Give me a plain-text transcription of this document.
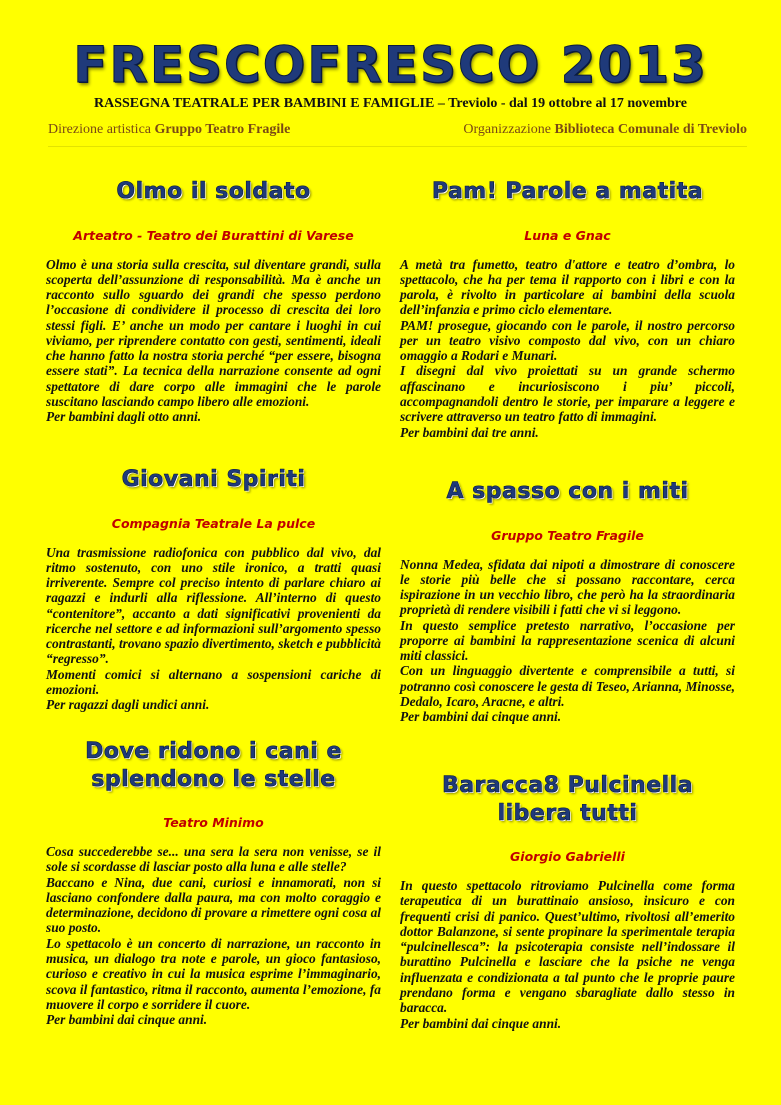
FRESCOFRESCO 2013
RASSEGNA TEATRALE PER BAMBINI E FAMIGLIE – Treviolo - dal 19 ottobre al 17 novembre
Direzione artistica Gruppo Teatro Fragile	Organizzazione Biblioteca Comunale di Treviolo
Olmo il soldato
Arteatro - Teatro dei Burattini di Varese

Olmo è una storia sulla crescita, sul diventare grandi, sulla scoperta dell’assunzione di responsabilità. Ma è anche un racconto sullo sguardo dei grandi che spesso perdono l’occasione di condividere il processo di crescita dei loro stessi figli. E’ anche un modo per cantare i luoghi in cui viviamo, per riprendere contatto con gesti, sentimenti, ideali che hanno fatto la nostra storia perché “per essere, bisogna essere stati”. La tecnica della narrazione consente ad ogni spettatore di dare corpo alle immagini che le parole suscitano lasciando campo libero alle emozioni.

Per bambini dagli otto anni.

Giovani Spiriti
Compagnia Teatrale La pulce

Una trasmissione radiofonica con pubblico dal vivo, dal ritmo sostenuto, con uno stile ironico, a tratti quasi irriverente. Sempre col preciso intento di parlare chiaro ai ragazzi e indurli alla riflessione. All’interno di questo “contenitore”, accanto a dati significativi provenienti da ricerche nel settore e ad informazioni sull’argomento spesso contrastanti, trovano spazio divertimento, sketch e pubblicità “regresso”.

Momenti comici si alternano a sospensioni cariche di emozioni.

Per ragazzi dagli undici anni.

Dove ridono i cani e splendono le stelle
Teatro Minimo

Cosa succederebbe se... una sera la sera non venisse, se il sole si scordasse di lasciar posto alla luna e alle stelle?

Baccano e Nina, due cani, curiosi e innamorati, non si lasciano confondere dalla paura, ma con molto coraggio e determinazione, decidono di provare a rimettere ogni cosa al suo posto.

Lo spettacolo è un concerto di narrazione, un racconto in musica, un dialogo tra note e parole, un gioco fantasioso, curioso e creativo in cui la musica esprime l’immaginario, scova il fantastico, ritma il racconto, aumenta l’emozione, fa muovere il corpo e sorridere il cuore.

Per bambini dai cinque anni.

Pam! Parole a matita
Luna e Gnac

A metà tra fumetto, teatro d'attore e teatro d’ombra, lo spettacolo, che ha per tema il rapporto con i libri e con la parola, è rivolto in particolare ai bambini della scuola dell’infanzia e primo ciclo elementare.

PAM! prosegue, giocando con le parole, il nostro percorso per un teatro visivo composto dal vivo, con un chiaro omaggio a Rodari e Munari.

I disegni dal vivo proiettati su un grande schermo affascinano e incuriosiscono i piu’ piccoli, accompagnandoli dentro le storie, per imparare a leggere e scrivere attraverso un teatro fatto di immagini.

Per bambini dai tre anni.

A spasso con i miti
Gruppo Teatro Fragile

Nonna Medea, sfidata dai nipoti a dimostrare di conoscere le storie più belle che si possano raccontare, cerca ispirazione in un vecchio libro, che però ha la straordinaria proprietà di rendere visibili i fatti che vi si leggono.

In questo semplice pretesto narrativo, l’occasione per proporre ai bambini la rappresentazione scenica di alcuni miti classici.

Con un linguaggio divertente e comprensibile a tutti, si potranno così conoscere le gesta di Teseo, Arianna, Minosse, Dedalo, Icaro, Aracne, e altri.

Per bambini dai cinque anni.

Baracca8 Pulcinella libera tutti
Giorgio Gabrielli

In questo spettacolo ritroviamo Pulcinella come forma terapeutica di un burattinaio ansioso, insicuro e con frequenti crisi di panico. Quest’ultimo, rivoltosi all’emerito dottor Balanzone, si sente propinare la sperimentale terapia “pulcinellesca”: la psicoterapia consiste nell’indossare il burattino Pulcinella e lasciare che la psiche ne venga influenzata e condizionata a tal punto che le proprie paure prendano forma e vengano sbaragliate dallo stesso in baracca.

Per bambini dai cinque anni.
